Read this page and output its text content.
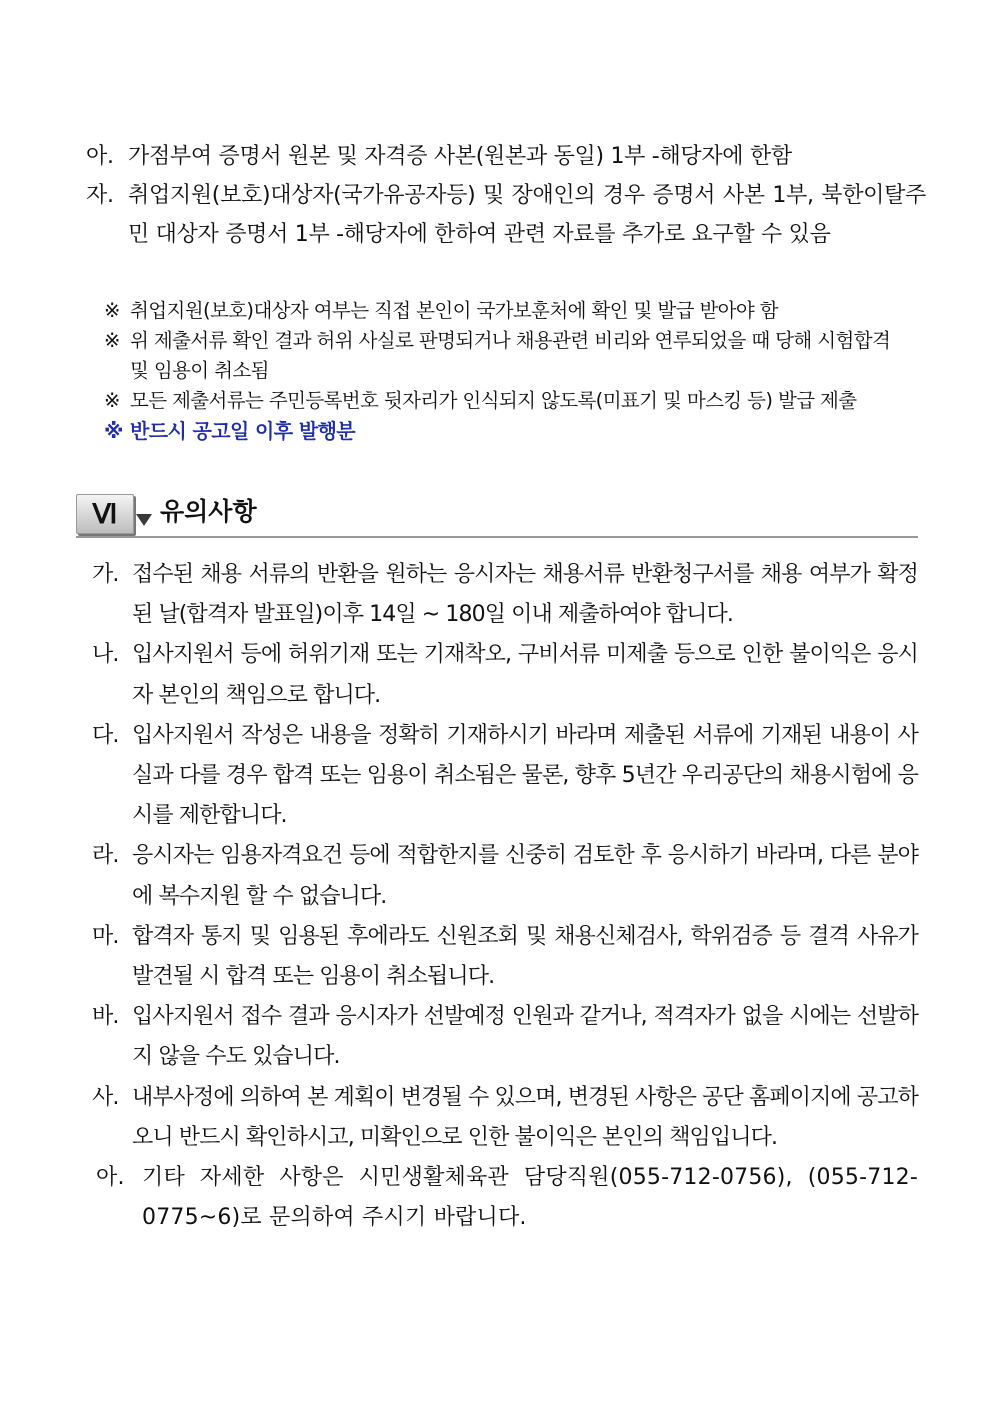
아. 가점부여 증명서 원본 및 자격증 사본(원본과 동일) 1부 -해당자에 한함
자. 취업지원(보호)대상자(국가유공자등) 및 장애인의 경우 증명서 사본 1부, 북한이탈주민 대상자 증명서 1부 -해당자에 한하여 관련 자료를 추가로 요구할 수 있음
※ 취업지원(보호)대상자 여부는 직접 본인이 국가보훈처에 확인 및 발급 받아야 함
※ 위 제출서류 확인 결과 허위 사실로 판명되거나 채용관련 비리와 연루되었을 때 당해 시험합격 및 임용이 취소됨
※ 모든 제출서류는 주민등록번호 뒷자리가 인식되지 않도록(미표기 및 마스킹 등) 발급 제출
※ 반드시 공고일 이후 발행분
Ⅵ	유의사항
가. 접수된 채용 서류의 반환을 원하는 응시자는 채용서류 반환청구서를 채용 여부가 확정된 날(합격자 발표일)이후 14일 ~ 180일 이내 제출하여야 합니다.
나. 입사지원서 등에 허위기재 또는 기재착오, 구비서류 미제출 등으로 인한 불이익은 응시자 본인의 책임으로 합니다.
다. 입사지원서 작성은 내용을 정확히 기재하시기 바라며 제출된 서류에 기재된 내용이 사실과 다를 경우 합격 또는 임용이 취소됨은 물론, 향후 5년간 우리공단의 채용시험에 응시를 제한합니다.
라. 응시자는 임용자격요건 등에 적합한지를 신중히 검토한 후 응시하기 바라며, 다른 분야에 복수지원 할 수 없습니다.
마. 합격자 통지 및 임용된 후에라도 신원조회 및 채용신체검사, 학위검증 등 결격 사유가 발견될 시 합격 또는 임용이 취소됩니다.
바. 입사지원서 접수 결과 응시자가 선발예정 인원과 같거나, 적격자가 없을 시에는 선발하지 않을 수도 있습니다.
사. 내부사정에 의하여 본 계획이 변경될 수 있으며, 변경된 사항은 공단 홈페이지에 공고하오니 반드시 확인하시고, 미확인으로 인한 불이익은 본인의 책임입니다.
아. 기타 자세한 사항은 시민생활체육관 담당직원(055-712-0756), (055-712-0775~6)로 문의하여 주시기 바랍니다.
